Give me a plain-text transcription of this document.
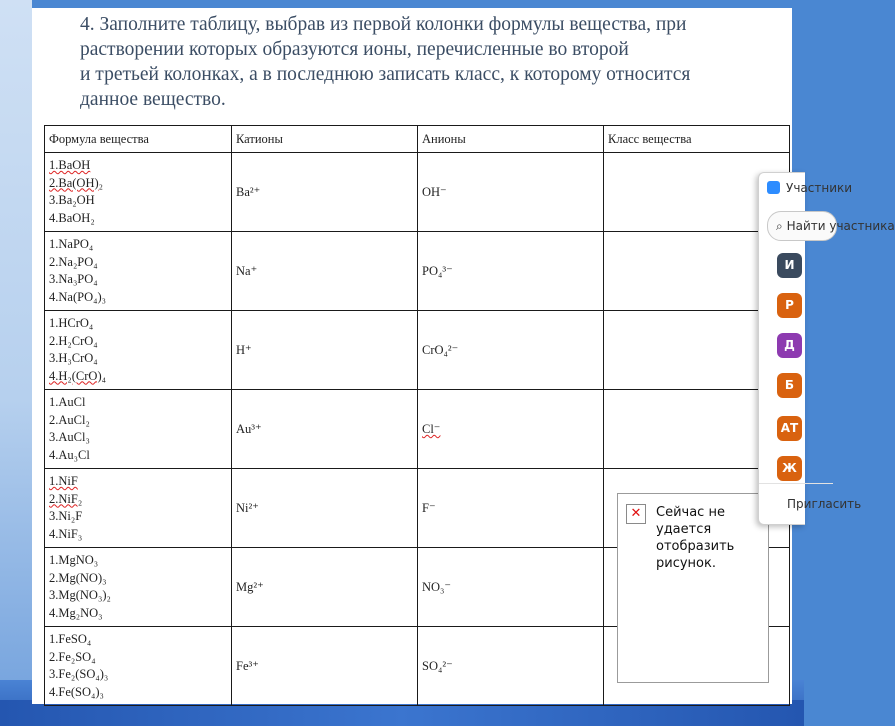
4. Заполните таблицу, выбрав из первой колонки формулы вещества, при
растворении которых образуются ионы, перечисленные во второй
и третьей колонках, а в последнюю записать класс, к которому относится
данное вещество.

Формула вещества	Катионы	Анионы	Класс вещества

1.BaOH
2.Ba(OH)₂
3.Ba₂OH
4.BaOH₂	Ba²⁺	OH⁻	

1.NaPO₄
2.Na₂PO₄
3.Na₃PO₄
4.Na(PO₄)₃	Na⁺	PO₄³⁻	

1.HCrO₄
2.H₂CrO₄
3.H₃CrO₄
4.H₂(CrO)₄	H⁺	CrO₄²⁻	

1.AuCl
2.AuCl₂
3.AuCl₃
4.Au₃Cl	Au³⁺	Cl⁻	

1.NiF
2.NiF₂
3.Ni₂F
4.NiF₃	Ni²⁺	F⁻	

1.MgNO₃
2.Mg(NO)₃
3.Mg(NO₃)₂
4.Mg₂NO₃	Mg²⁺	NO₃⁻	

1.FeSO₄
2.Fe₂SO₄
3.Fe₂(SO₄)₃
4.Fe(SO₄)₃	Fe³⁺	SO₄²⁻	
✕	Сейчас не удается отобразить рисунок.
Участники
⌕ Найти участника
И
Р
Д
Б
АТ
Ж
Пригласить
